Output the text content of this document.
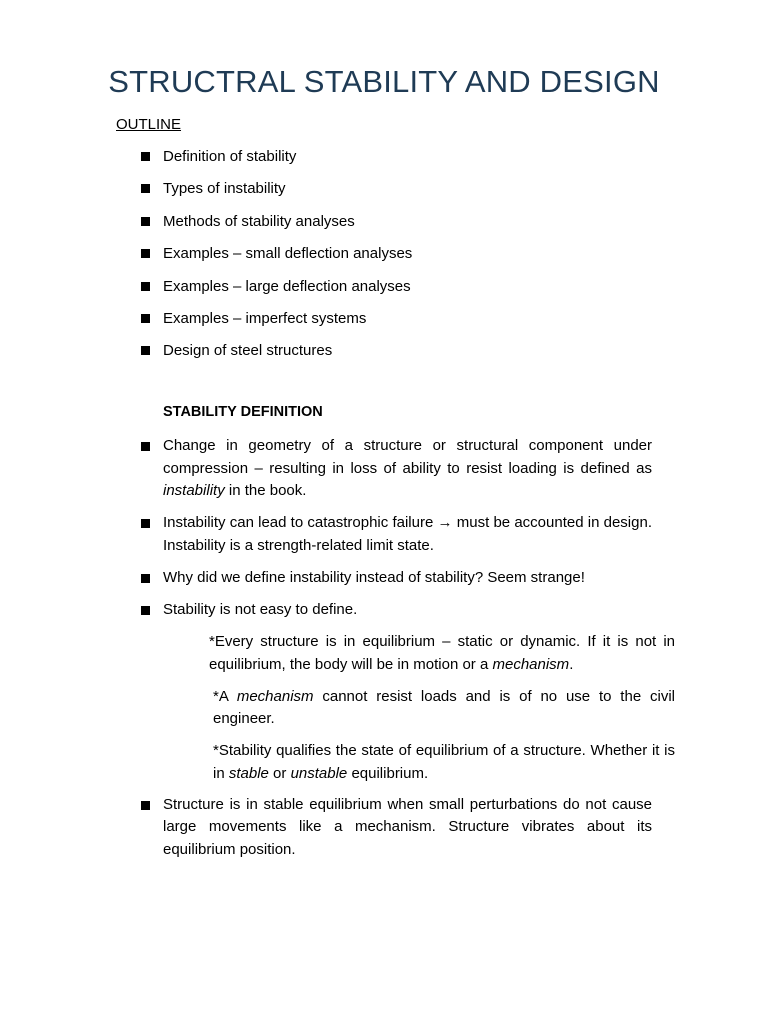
STRUCTRAL STABILITY AND DESIGN
OUTLINE
Definition of stability
Types of instability
Methods of stability analyses
Examples – small deflection analyses
Examples – large deflection analyses
Examples – imperfect systems
Design of steel structures
STABILITY DEFINITION
Change in geometry of a structure or structural component under compression – resulting in loss of ability to resist loading is defined as instability in the book.
Instability can lead to catastrophic failure → must be accounted in design. Instability is a strength-related limit state.
Why did we define instability instead of stability? Seem strange!
Stability is not easy to define.
*Every structure is in equilibrium – static or dynamic. If it is not in equilibrium, the body will be in motion or a mechanism.
*A mechanism cannot resist loads and is of no use to the civil engineer.
*Stability qualifies the state of equilibrium of a structure. Whether it is in stable or unstable equilibrium.
Structure is in stable equilibrium when small perturbations do not cause large movements like a mechanism. Structure vibrates about its equilibrium position.
